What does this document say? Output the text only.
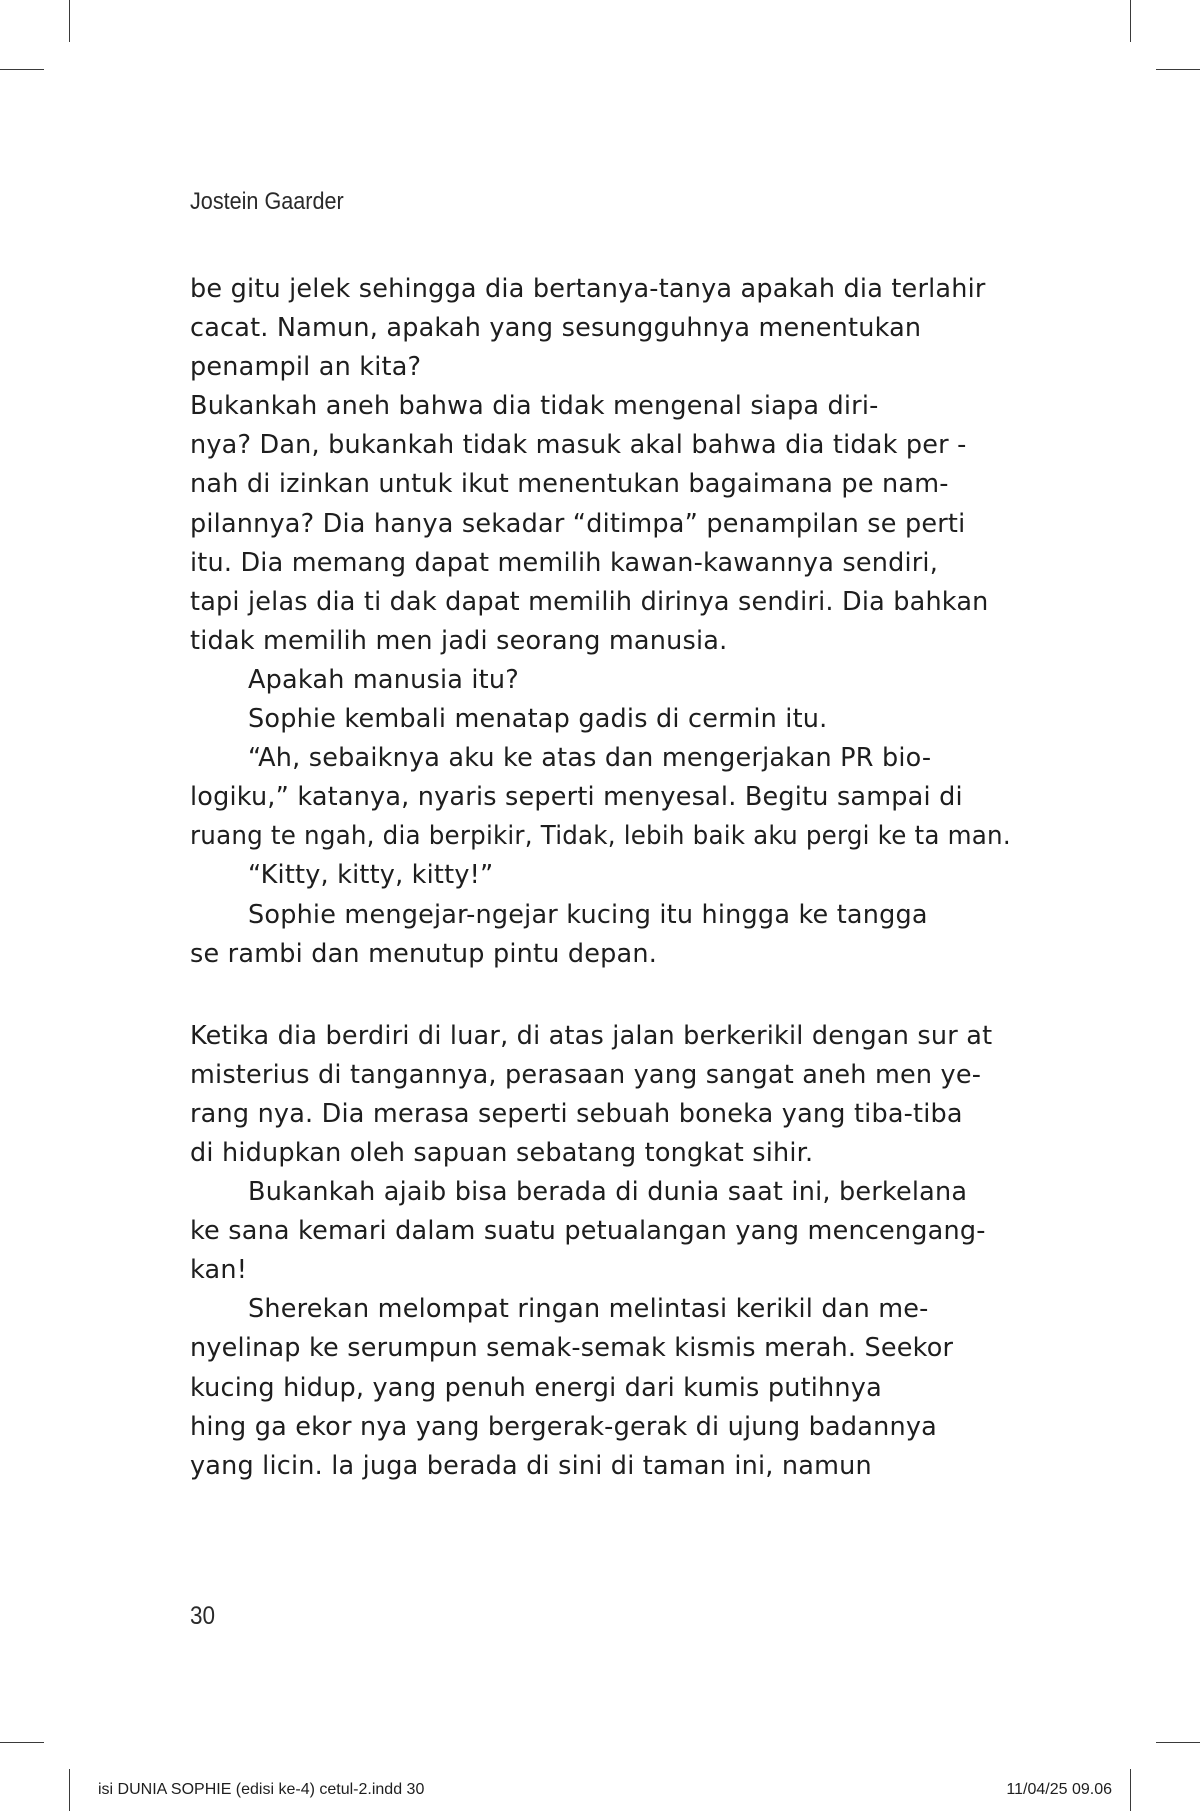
Jostein Gaarder
be gitu jelek sehingga dia bertanya-tanya apakah dia terlahir
cacat. Namun, apakah yang sesungguhnya menentukan
penampil an kita?
Bukankah aneh bahwa dia tidak mengenal siapa diri-
nya? Dan, bukankah tidak masuk akal bahwa dia tidak per -
nah di izinkan untuk ikut menentukan bagaimana pe nam-
pilannya? Dia hanya sekadar “ditimpa” penampilan se perti
itu. Dia memang dapat memilih kawan-kawannya sendiri,
tapi jelas dia ti dak dapat memilih dirinya sendiri. Dia bahkan
tidak memilih men jadi seorang manusia.
Apakah manusia itu?
Sophie kembali menatap gadis di cermin itu.
“Ah, sebaiknya aku ke atas dan mengerjakan PR bio-
logiku,” katanya, nyaris seperti menyesal. Begitu sampai di
ruang te ngah, dia berpikir, Tidak, lebih baik aku pergi ke ta man.
“Kitty, kitty, kitty!”
Sophie mengejar-ngejar kucing itu hingga ke tangga
se rambi dan menutup pintu depan.
Ketika dia berdiri di luar, di atas jalan berkerikil dengan sur at
misterius di tangannya, perasaan yang sangat aneh men ye-
rang nya. Dia merasa seperti sebuah boneka yang tiba-tiba
di hidupkan oleh sapuan sebatang tongkat sihir.
Bukankah ajaib bisa berada di dunia saat ini, berkelana
ke sana kemari dalam suatu petualangan yang mencengang-
kan!
Sherekan melompat ringan melintasi kerikil dan me-
nyelinap ke serumpun semak-semak kismis merah. Seekor
kucing hidup, yang penuh energi dari kumis putihnya
hing ga ekor nya yang bergerak-gerak di ujung badannya
yang licin. la juga berada di sini di taman ini, namun
30
isi DUNIA SOPHIE (edisi ke-4) cetul-2.indd 30	11/04/25 09.06
